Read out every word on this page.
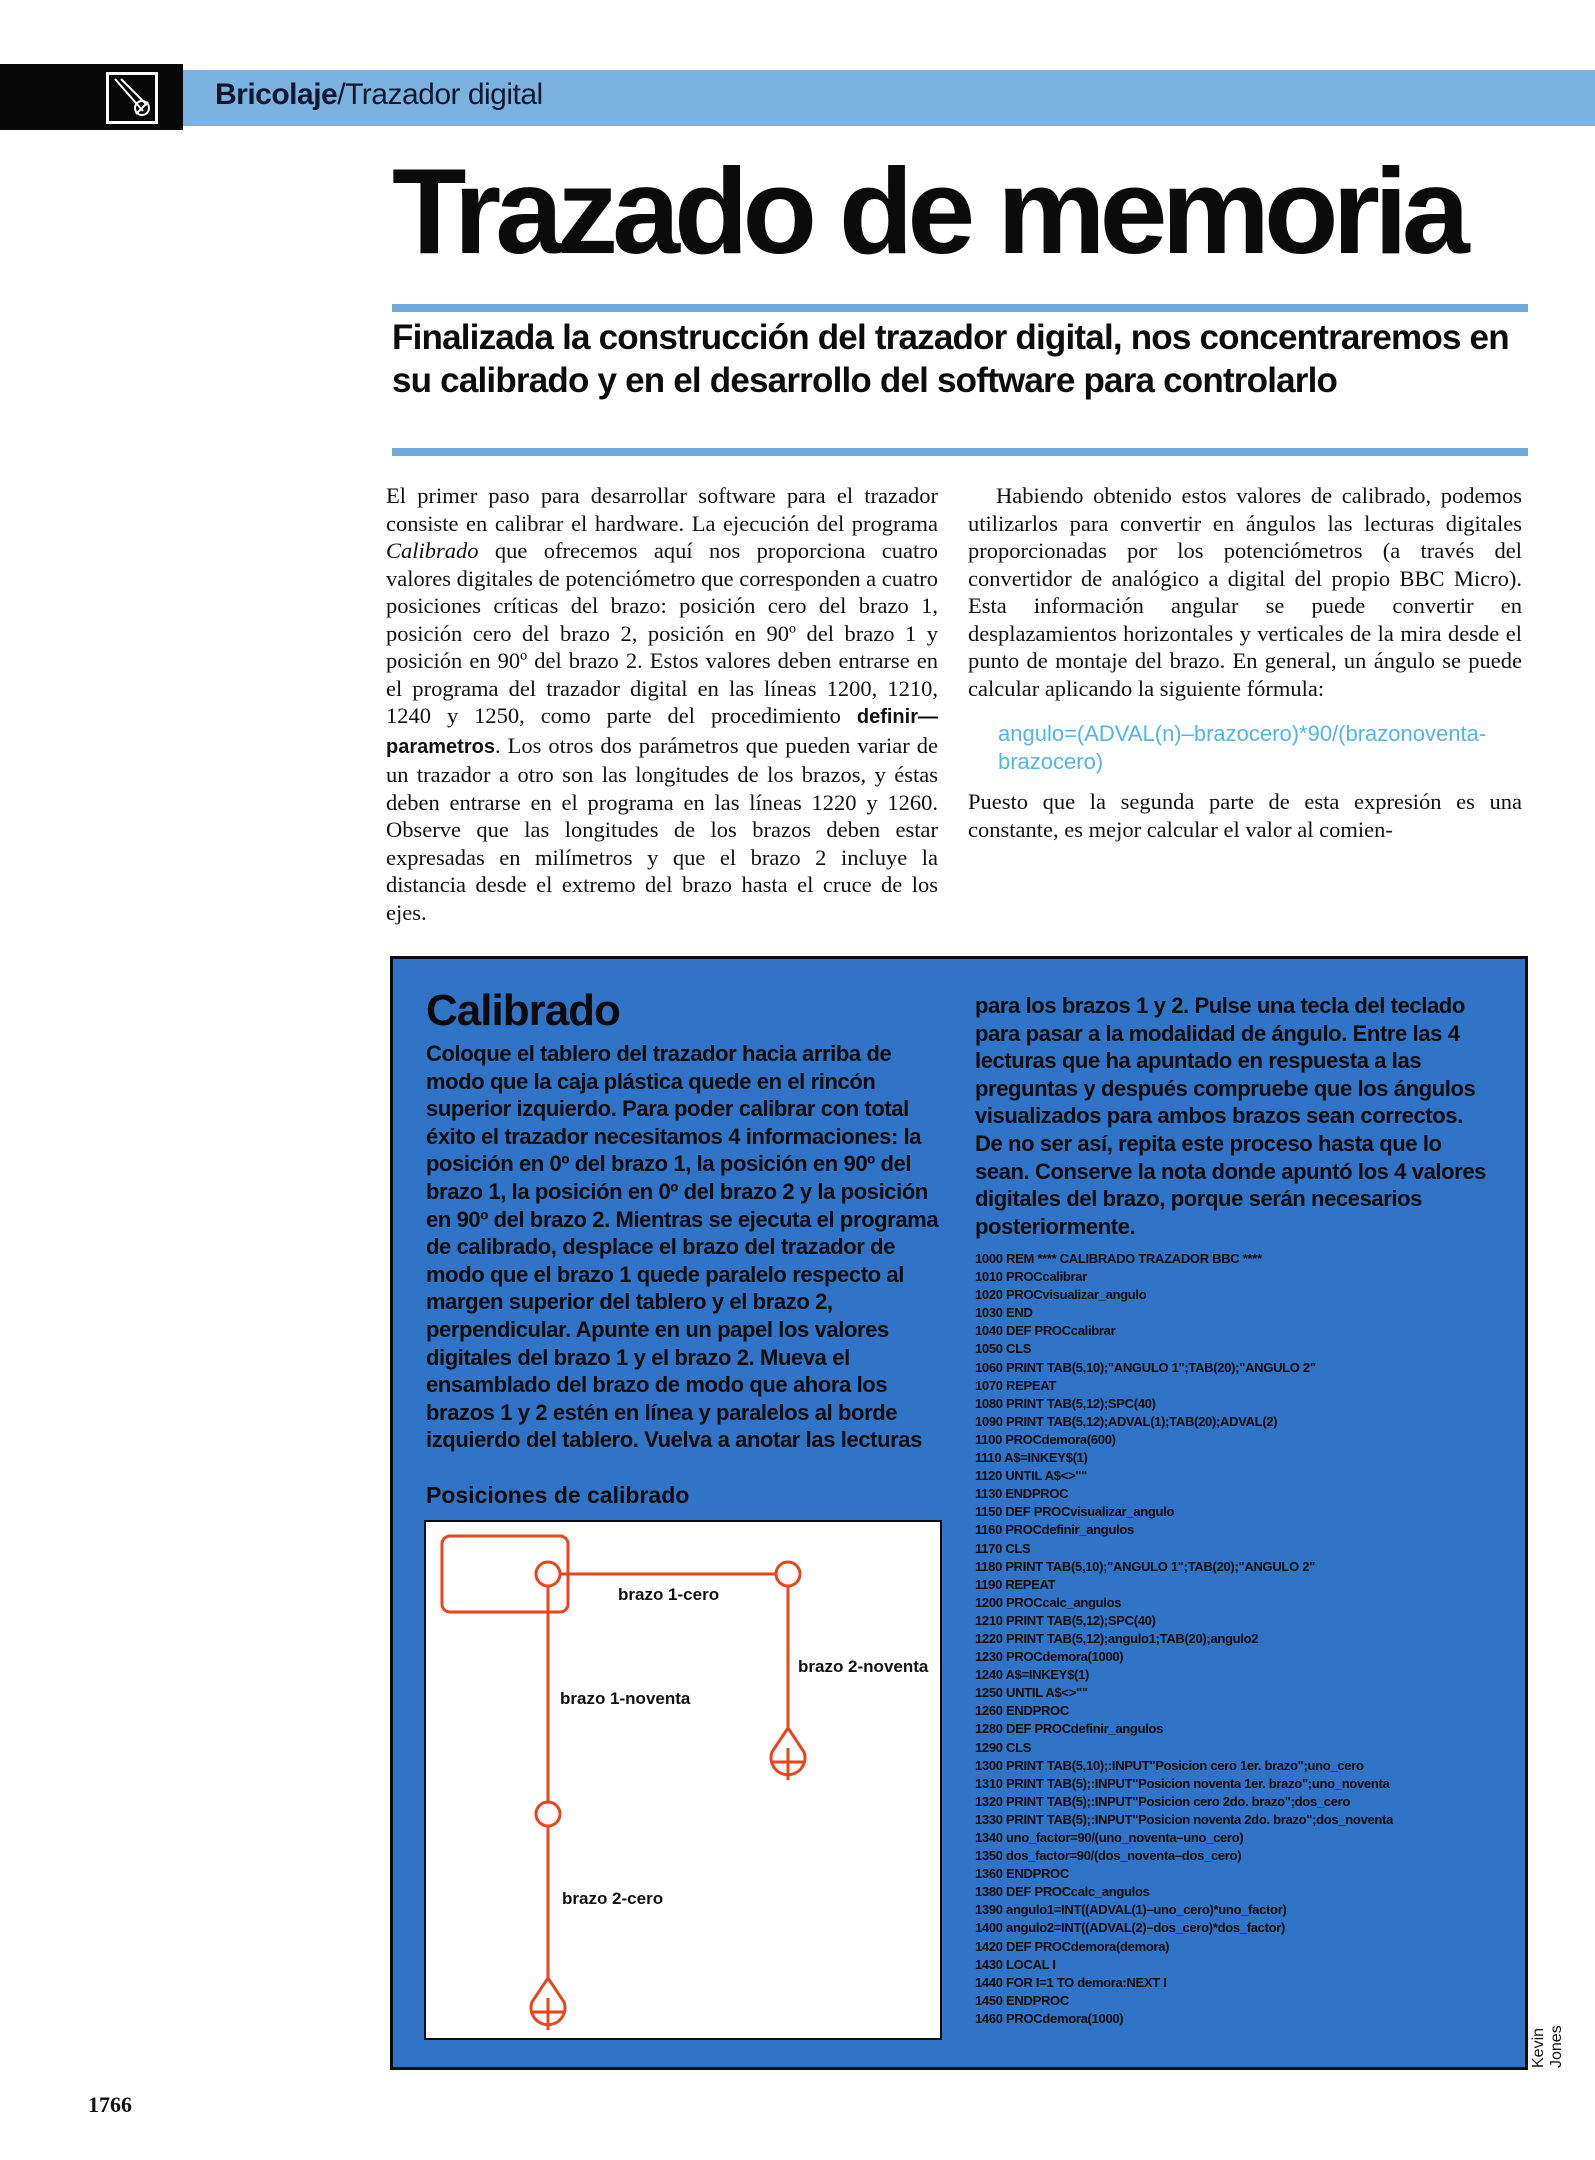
Bricolaje/Trazador digital
Trazado de memoria
Finalizada la construcción del trazador digital, nos concentraremos en su calibrado y en el desarrollo del software para controlarlo

El primer paso para desarrollar software para el trazador consiste en calibrar el hardware. La ejecución del programa Calibrado que ofrecemos aquí nos proporciona cuatro valores digitales de potenciómetro que corresponden a cuatro posiciones críticas del brazo: posición cero del brazo 1, posición cero del brazo 2, posición en 90º del brazo 1 y posición en 90º del brazo 2. Estos valores deben entrarse en el programa del trazador digital en las líneas 1200, 1210, 1240 y 1250, como parte del procedimiento definir—parametros. Los otros dos parámetros que pueden variar de un trazador a otro son las longitudes de los brazos, y éstas deben entrarse en el programa en las líneas 1220 y 1260. Observe que las longitudes de los brazos deben estar expresadas en milímetros y que el brazo 2 incluye la distancia desde el extremo del brazo hasta el cruce de los ejes.

Habiendo obtenido estos valores de calibrado, podemos utilizarlos para convertir en ángulos las lecturas digitales proporcionadas por los potenciómetros (a través del convertidor de analógico a digital del propio BBC Micro). Esta información angular se puede convertir en desplazamientos horizontales y verticales de la mira desde el punto de montaje del brazo. En general, un ángulo se puede calcular aplicando la siguiente fórmula:

angulo=(ADVAL(n)–brazocero)*90/(brazonoventa-
brazocero)

Puesto que la segunda parte de esta expresión es una constante, es mejor calcular el valor al comien-

Calibrado
Coloque el tablero del trazador hacia arriba de modo que la caja plástica quede en el rincón superior izquierdo. Para poder calibrar con total éxito el trazador necesitamos 4 informaciones: la posición en 0º del brazo 1, la posición en 90º del brazo 1, la posición en 0º del brazo 2 y la posición en 90º del brazo 2. Mientras se ejecuta el programa de calibrado, desplace el brazo del trazador de modo que el brazo 1 quede paralelo respecto al margen superior del tablero y el brazo 2, perpendicular. Apunte en un papel los valores digitales del brazo 1 y el brazo 2. Mueva el ensamblado del brazo de modo que ahora los brazos 1 y 2 estén en línea y paralelos al borde izquierdo del tablero. Vuelva a anotar las lecturas
para los brazos 1 y 2. Pulse una tecla del teclado para pasar a la modalidad de ángulo. Entre las 4 lecturas que ha apuntado en respuesta a las preguntas y después compruebe que los ángulos visualizados para ambos brazos sean correctos. De no ser así, repita este proceso hasta que lo sean. Conserve la nota donde apuntó los 4 valores digitales del brazo, porque serán necesarios posteriormente.
Posiciones de calibrado
brazo 1-cero
brazo 2-noventa
brazo 1-noventa
brazo 2-cero
1000 REM **** CALIBRADO TRAZADOR BBC ****
1010 PROCcalibrar
1020 PROCvisualizar_angulo
1030 END
1040 DEF PROCcalibrar
1050 CLS
1060 PRINT TAB(5,10);"ANGULO 1";TAB(20);"ANGULO 2"
1070 REPEAT
1080 PRINT TAB(5,12);SPC(40)
1090 PRINT TAB(5,12);ADVAL(1);TAB(20);ADVAL(2)
1100 PROCdemora(600)
1110 A$=INKEY$(1)
1120 UNTIL A$<>""
1130 ENDPROC
1150 DEF PROCvisualizar_angulo
1160 PROCdefinir_angulos
1170 CLS
1180 PRINT TAB(5,10);"ANGULO 1";TAB(20);"ANGULO 2"
1190 REPEAT
1200 PROCcalc_angulos
1210 PRINT TAB(5,12);SPC(40)
1220 PRINT TAB(5,12);angulo1;TAB(20);angulo2
1230 PROCdemora(1000)
1240 A$=INKEY$(1)
1250 UNTIL A$<>""
1260 ENDPROC
1280 DEF PROCdefinir_angulos
1290 CLS
1300 PRINT TAB(5,10);:INPUT"Posicion cero 1er. brazo";uno_cero
1310 PRINT TAB(5);:INPUT"Posicion noventa 1er. brazo";uno_noventa
1320 PRINT TAB(5);:INPUT"Posicion cero 2do. brazo";dos_cero
1330 PRINT TAB(5);:INPUT"Posicion noventa 2do. brazo";dos_noventa
1340 uno_factor=90/(uno_noventa–uno_cero)
1350 dos_factor=90/(dos_noventa–dos_cero)
1360 ENDPROC
1380 DEF PROCcalc_angulos
1390 angulo1=INT((ADVAL(1)–uno_cero)*uno_factor)
1400 angulo2=INT((ADVAL(2)–dos_cero)*dos_factor)
1420 DEF PROCdemora(demora)
1430 LOCAL I
1440 FOR I=1 TO demora:NEXT I
1450 ENDPROC
1460 PROCdemora(1000)
Kevin Jones
1766
